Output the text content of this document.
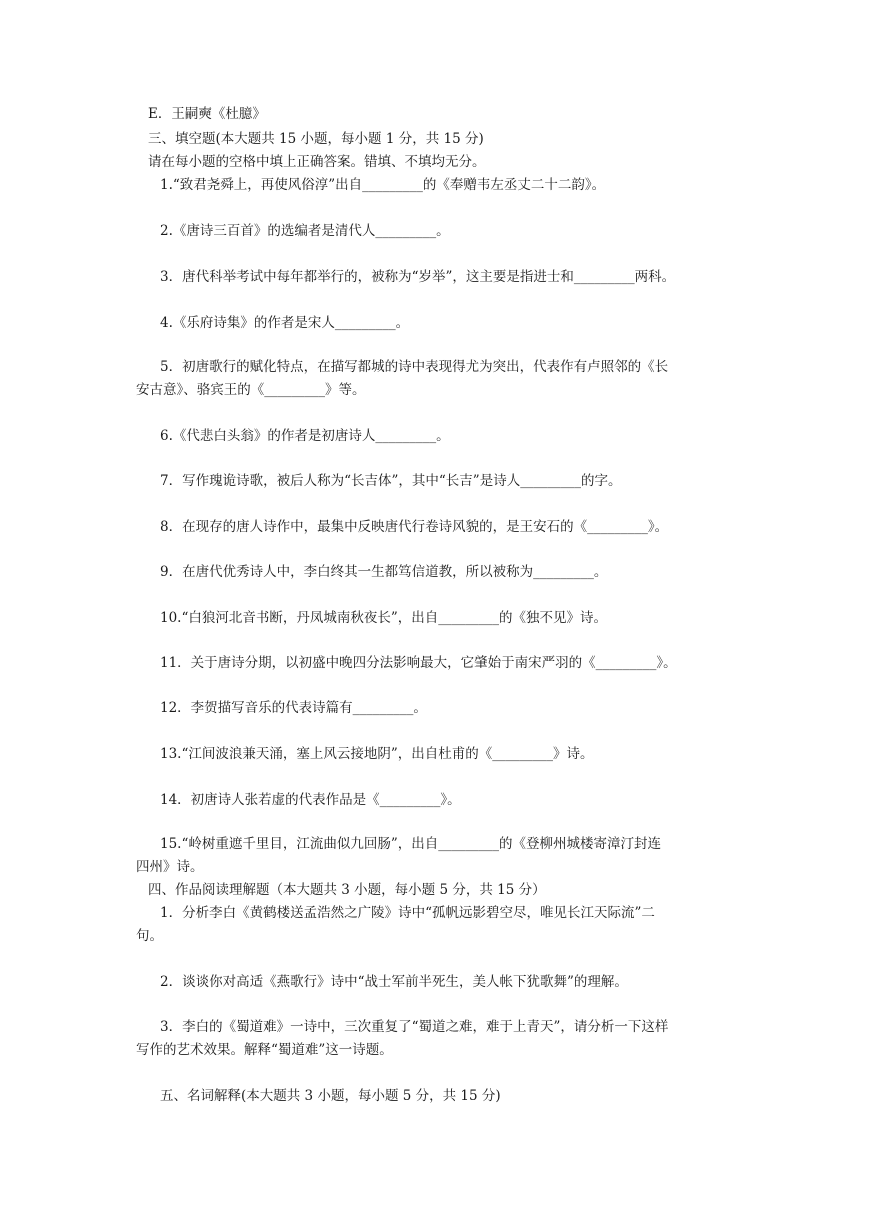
E．王嗣奭《杜臆》
三、填空题(本大题共 15 小题，每小题 1 分，共 15 分)
请在每小题的空格中填上正确答案。错填、不填均无分。
1.“致君尧舜上，再使风俗淳”出自_________的《奉赠韦左丞丈二十二韵》。
2.《唐诗三百首》的选编者是清代人_________。
3．唐代科举考试中每年都举行的，被称为“岁举”，这主要是指进士和_________两科。
4.《乐府诗集》的作者是宋人_________。
5．初唐歌行的赋化特点，在描写都城的诗中表现得尤为突出，代表作有卢照邻的《长
安古意》、骆宾王的《_________》等。
6.《代悲白头翁》的作者是初唐诗人_________。
7．写作瑰诡诗歌，被后人称为“长吉体”，其中“长吉”是诗人_________的字。
8．在现存的唐人诗作中，最集中反映唐代行卷诗风貌的，是王安石的《_________》。
9．在唐代优秀诗人中，李白终其一生都笃信道教，所以被称为_________。
10.“白狼河北音书断，丹凤城南秋夜长”，出自_________的《独不见》诗。
11．关于唐诗分期，以初盛中晚四分法影响最大，它肇始于南宋严羽的《_________》。
12．李贺描写音乐的代表诗篇有_________。
13.“江间波浪兼天涌，塞上风云接地阴”，出自杜甫的《_________》诗。
14．初唐诗人张若虚的代表作品是《_________》。
15.“岭树重遮千里目，江流曲似九回肠”，出自_________的《登柳州城楼寄漳汀封连
四州》诗。
四、作品阅读理解题（本大题共 3 小题，每小题 5 分，共 15 分）
1．分析李白《黄鹤楼送孟浩然之广陵》诗中“孤帆远影碧空尽，唯见长江天际流”二
句。
2．谈谈你对高适《燕歌行》诗中“战士军前半死生，美人帐下犹歌舞”的理解。
3．李白的《蜀道难》一诗中，三次重复了“蜀道之难，难于上青天”，请分析一下这样
写作的艺术效果。解释“蜀道难”这一诗题。
五、名词解释(本大题共 3 小题，每小题 5 分，共 15 分)
